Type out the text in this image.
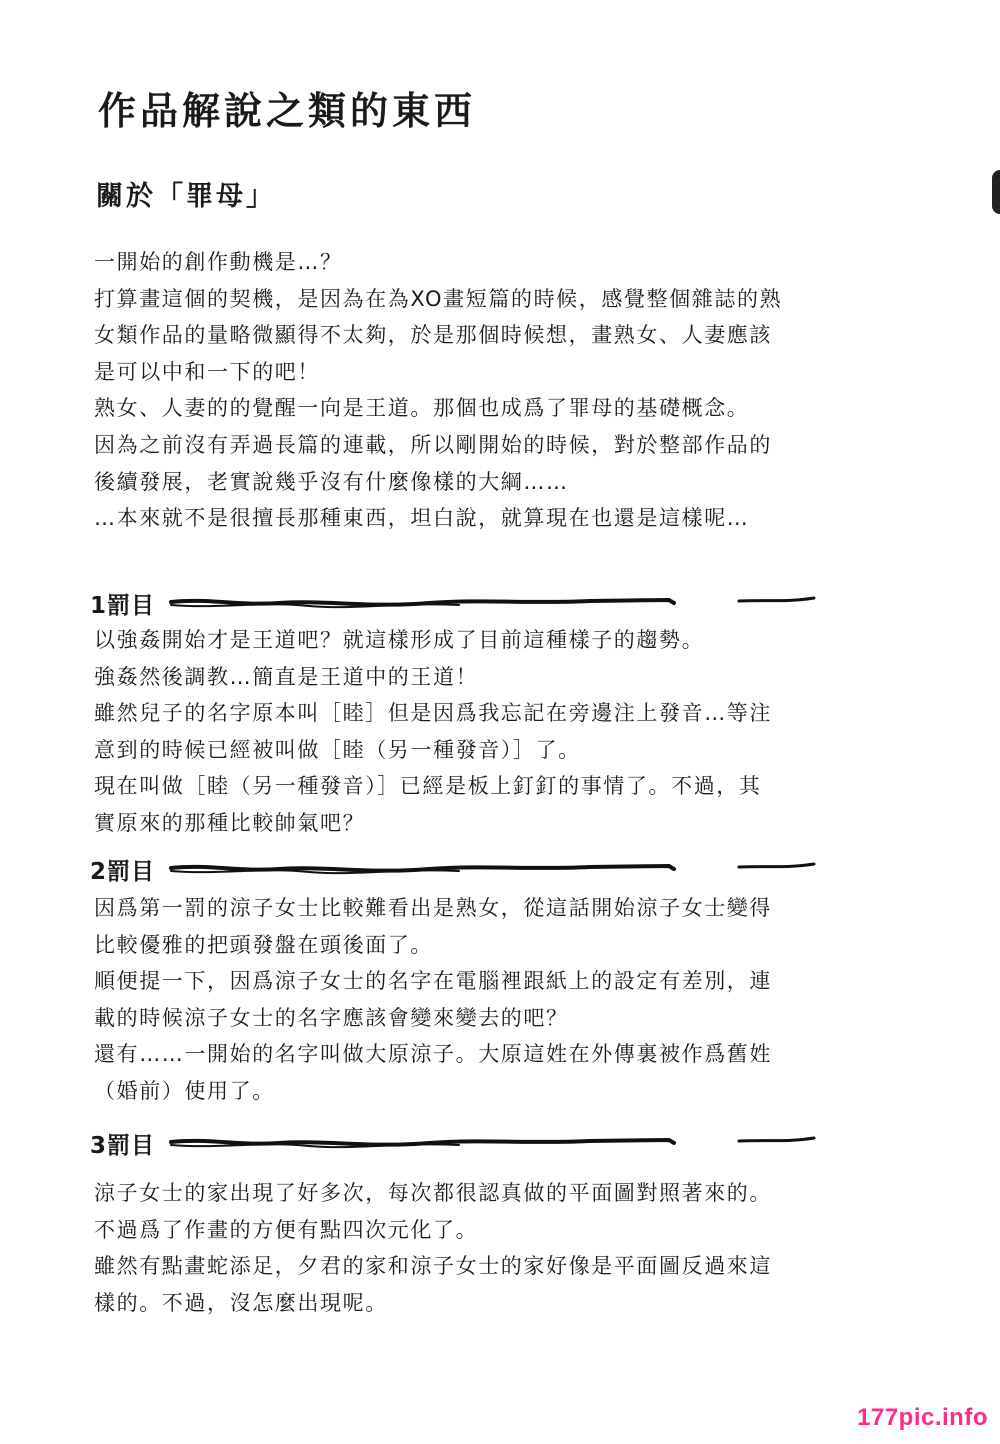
作品解說之類的東西
關於「罪母」
一開始的創作動機是…？
打算畫這個的契機，是因為在為XO畫短篇的時候，感覺整個雜誌的熟
女類作品的量略微顯得不太夠，於是那個時候想，畫熟女、人妻應該
是可以中和一下的吧！
熟女、人妻的的覺醒一向是王道。那個也成爲了罪母的基礎概念。
因為之前沒有弄過長篇的連載，所以剛開始的時候，對於整部作品的
後續發展，老實說幾乎沒有什麼像樣的大綱……
…本來就不是很擅長那種東西，坦白說，就算現在也還是這樣呢…
1罰目
以強姦開始才是王道吧？就這樣形成了目前這種樣子的趨勢。
強姦然後調教…簡直是王道中的王道！
雖然兒子的名字原本叫［睦］但是因爲我忘記在旁邊注上發音…等注
意到的時候已經被叫做［睦（另一種發音）］了。
現在叫做［睦（另一種發音）］已經是板上釘釘的事情了。不過，其
實原來的那種比較帥氣吧？
2罰目
因爲第一罰的涼子女士比較難看出是熟女，從這話開始涼子女士變得
比較優雅的把頭發盤在頭後面了。
順便提一下，因爲涼子女士的名字在電腦裡跟紙上的設定有差別，連
載的時候涼子女士的名字應該會變來變去的吧？
還有……一開始的名字叫做大原涼子。大原這姓在外傳裏被作爲舊姓
（婚前）使用了。
3罰目
涼子女士的家出現了好多次，每次都很認真做的平面圖對照著來的。
不過爲了作畫的方便有點四次元化了。
雖然有點畫蛇添足，夕君的家和涼子女士的家好像是平面圖反過來這
樣的。不過，沒怎麼出現呢。
177pic.info
